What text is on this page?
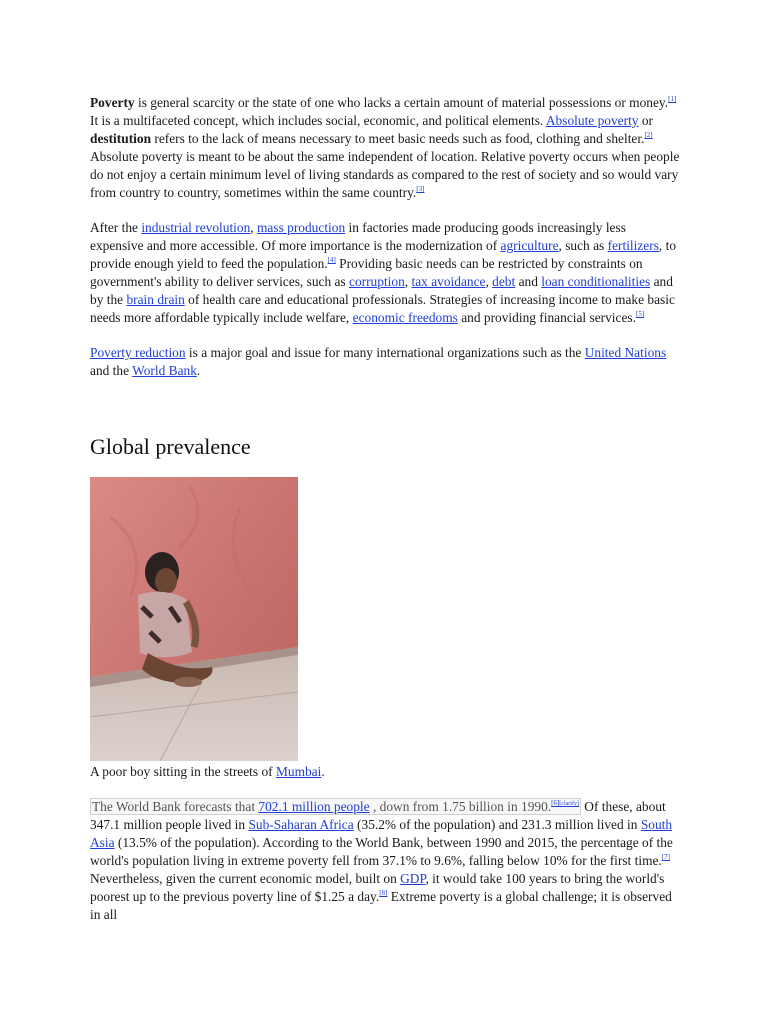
Poverty is general scarcity or the state of one who lacks a certain amount of material possessions or money.[1] It is a multifaceted concept, which includes social, economic, and political elements. Absolute poverty or destitution refers to the lack of means necessary to meet basic needs such as food, clothing and shelter.[2] Absolute poverty is meant to be about the same independent of location. Relative poverty occurs when people do not enjoy a certain minimum level of living standards as compared to the rest of society and so would vary from country to country, sometimes within the same country.[3]

After the industrial revolution, mass production in factories made producing goods increasingly less expensive and more accessible. Of more importance is the modernization of agriculture, such as fertilizers, to provide enough yield to feed the population.[4] Providing basic needs can be restricted by constraints on government's ability to deliver services, such as corruption, tax avoidance, debt and loan conditionalities and by the brain drain of health care and educational professionals. Strategies of increasing income to make basic needs more affordable typically include welfare, economic freedoms and providing financial services.[5]

Poverty reduction is a major goal and issue for many international organizations such as the United Nations and the World Bank.

Global prevalence
A poor boy sitting in the streets of Mumbai.

The World Bank forecasts that 702.1 million people , down from 1.75 billion in 1990.[6][clarify] Of these, about 347.1 million people lived in Sub-Saharan Africa (35.2% of the population) and 231.3 million lived in South Asia (13.5% of the population). According to the World Bank, between 1990 and 2015, the percentage of the world's population living in extreme poverty fell from 37.1% to 9.6%, falling below 10% for the first time.[7] Nevertheless, given the current economic model, built on GDP, it would take 100 years to bring the world's poorest up to the previous poverty line of $1.25 a day.[8] Extreme poverty is a global challenge; it is observed in all
